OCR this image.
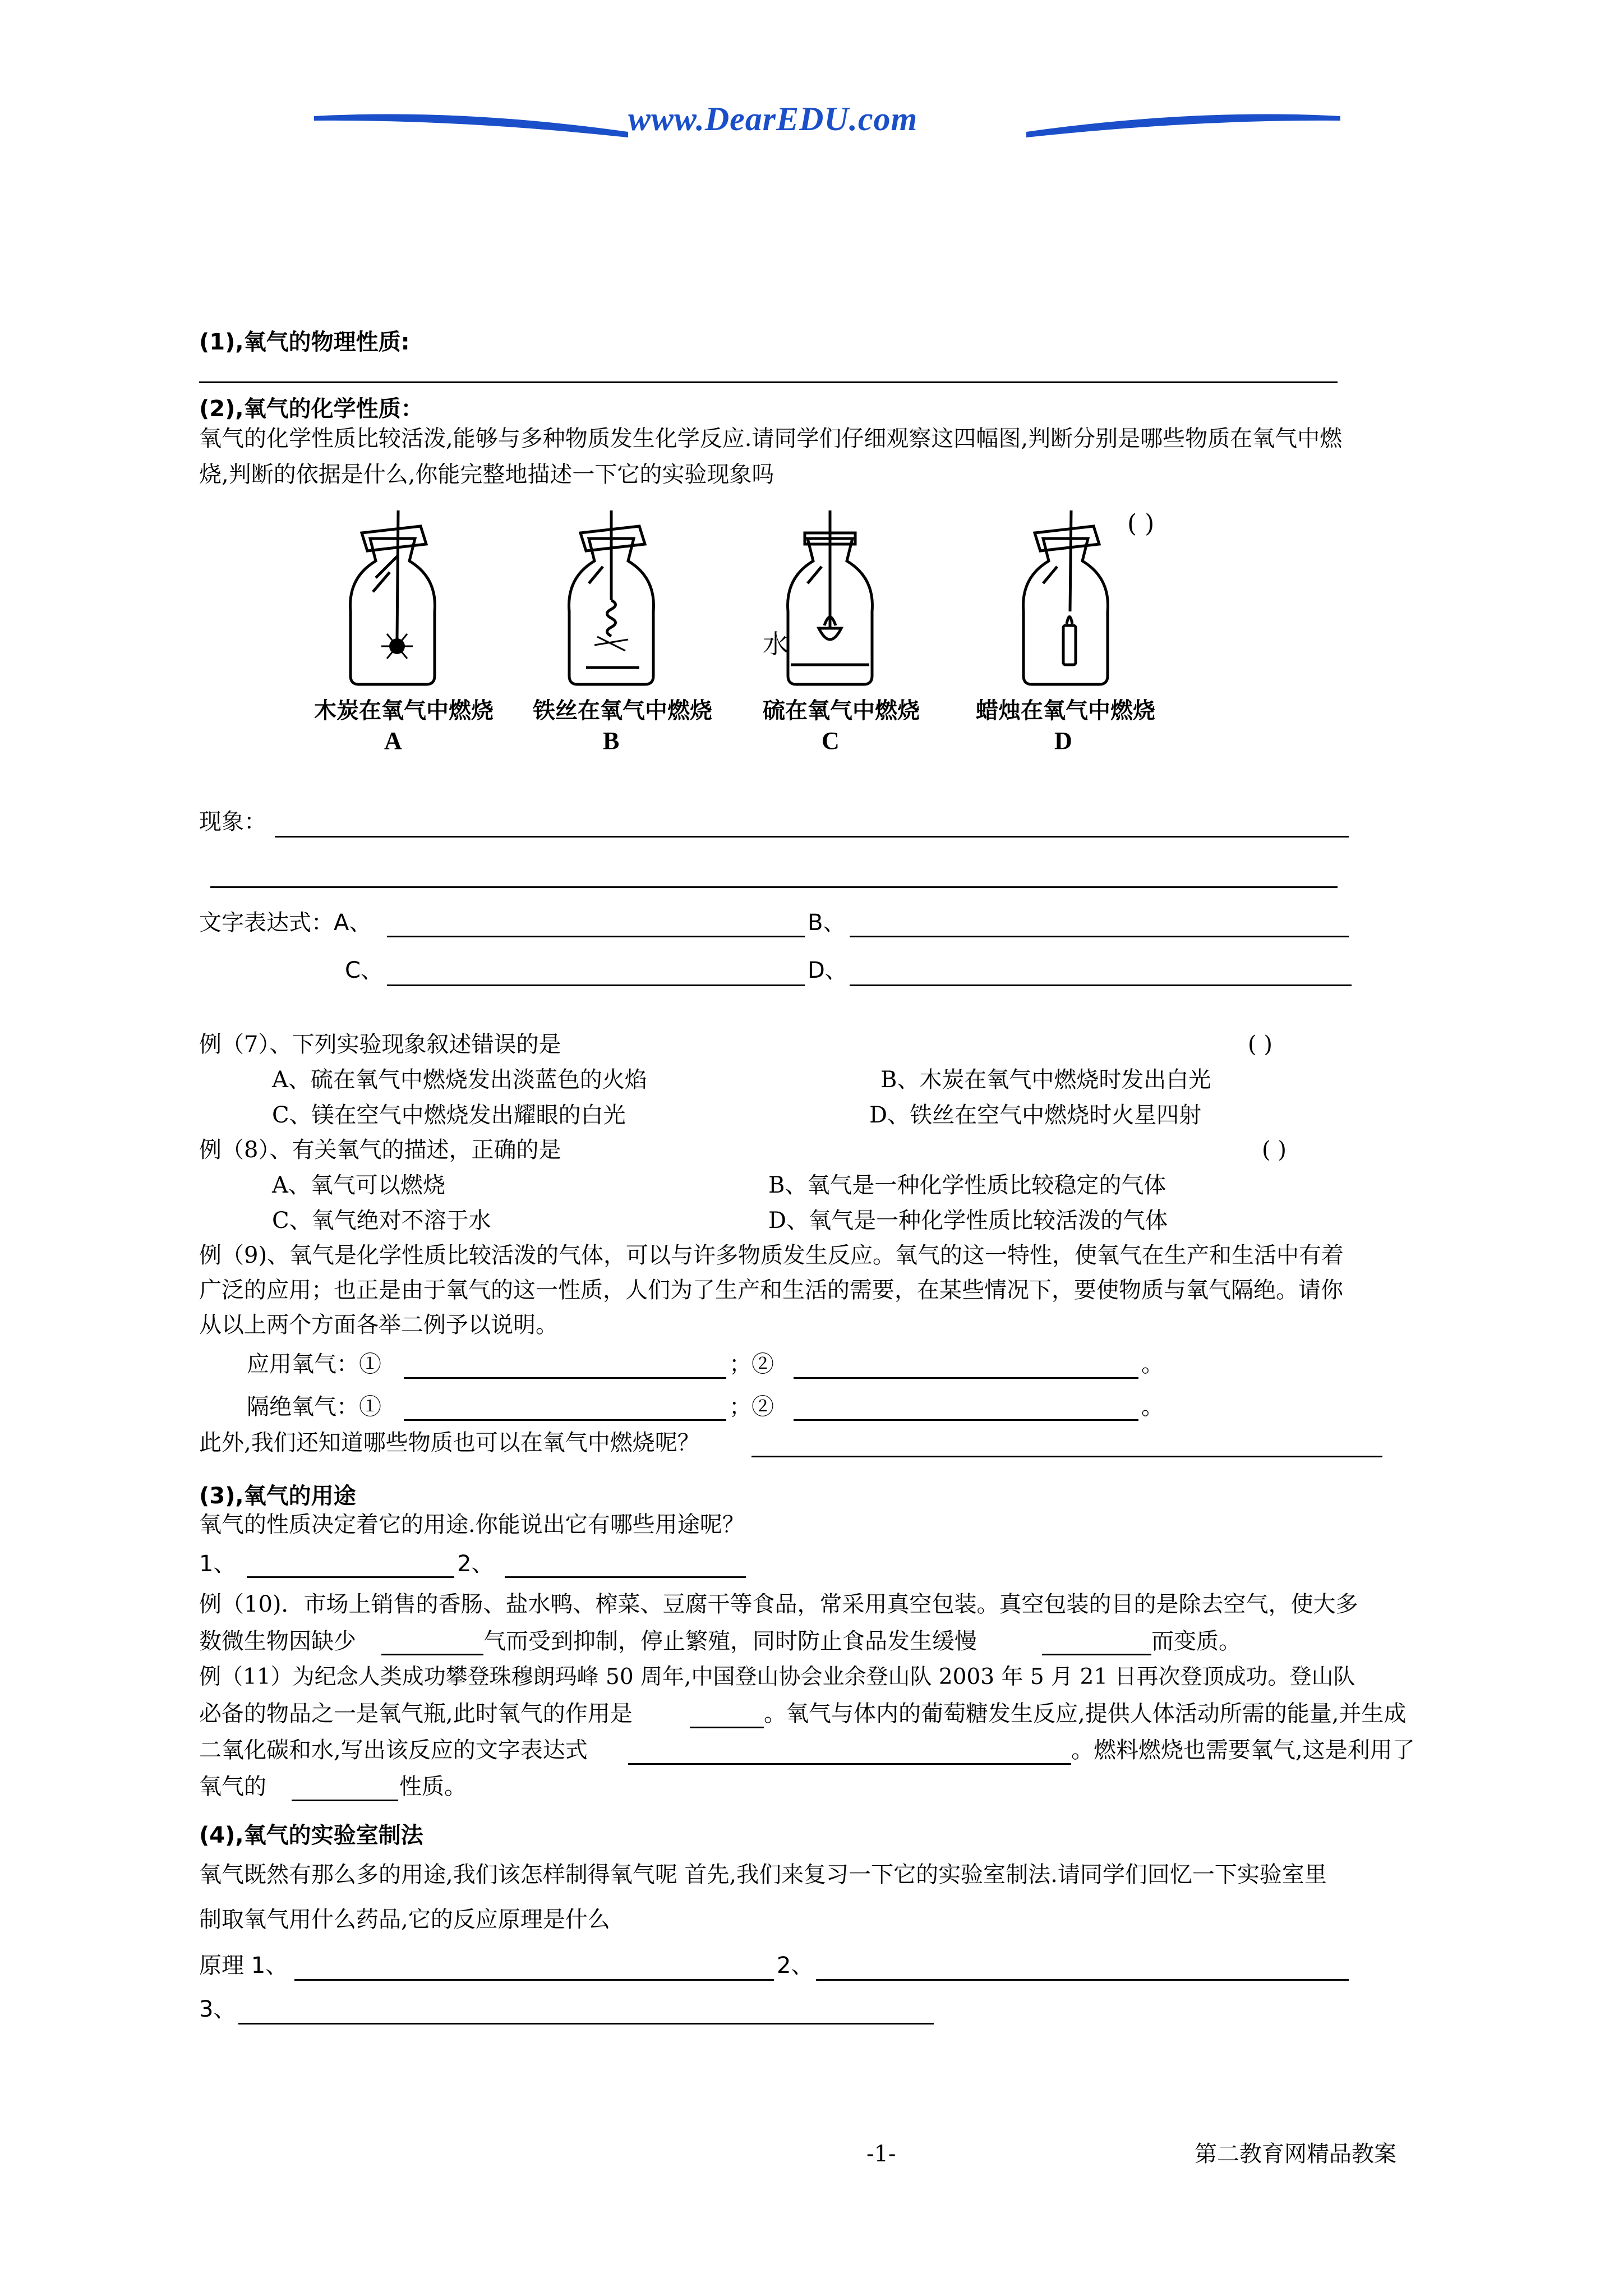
www.DearEDU.com
(1),氧气的物理性质:
(2),氧气的化学性质：
氧气的化学性质比较活泼,能够与多种物质发生化学反应.请同学们仔细观察这四幅图,判断分别是哪些物质在氧气中燃
烧,判断的依据是什么,你能完整地描述一下它的实验现象吗
( )
木炭在氧气中燃烧
A
铁丝在氧气中燃烧
B
水
硫在氧气中燃烧
C
蜡烛在氧气中燃烧
D
现象：
文字表达式：A、	B、
C、	D、
例（7）、下列实验现象叙述错误的是	( )
A、硫在氧气中燃烧发出淡蓝色的火焰	B、木炭在氧气中燃烧时发出白光
C、镁在空气中燃烧发出耀眼的白光	D、铁丝在空气中燃烧时火星四射
例（8）、有关氧气的描述，正确的是	( )
A、氧气可以燃烧	B、氧气是一种化学性质比较稳定的气体
C、氧气绝对不溶于水	D、氧气是一种化学性质比较活泼的气体
例（9)、氧气是化学性质比较活泼的气体，可以与许多物质发生反应。氧气的这一特性，使氧气在生产和生活中有着
广泛的应用；也正是由于氧气的这一性质，人们为了生产和生活的需要，在某些情况下，要使物质与氧气隔绝。请你
从以上两个方面各举二例予以说明。
应用氧气：①	；②	。
隔绝氧气：①	；②	。
此外,我们还知道哪些物质也可以在氧气中燃烧呢？
(3),氧气的用途
氧气的性质决定着它的用途.你能说出它有哪些用途呢？
1、	2、
例（10)．市场上销售的香肠、盐水鸭、榨菜、豆腐干等食品，常采用真空包装。真空包装的目的是除去空气，使大多
数微生物因缺少	气而受到抑制，停止繁殖，同时防止食品发生缓慢	而变质。
例（11）为纪念人类成功攀登珠穆朗玛峰 50 周年,中国登山协会业余登山队 2003 年 5 月 21 日再次登顶成功。登山队
必备的物品之一是氧气瓶,此时氧气的作用是	。氧气与体内的葡萄糖发生反应,提供人体活动所需的能量,并生成
二氧化碳和水,写出该反应的文字表达式	。燃料燃烧也需要氧气,这是利用了
氧气的	性质。
(4),氧气的实验室制法
氧气既然有那么多的用途,我们该怎样制得氧气呢 首先,我们来复习一下它的实验室制法.请同学们回忆一下实验室里
制取氧气用什么药品,它的反应原理是什么
原理 1、	2、
3、
-1-	第二教育网精品教案
